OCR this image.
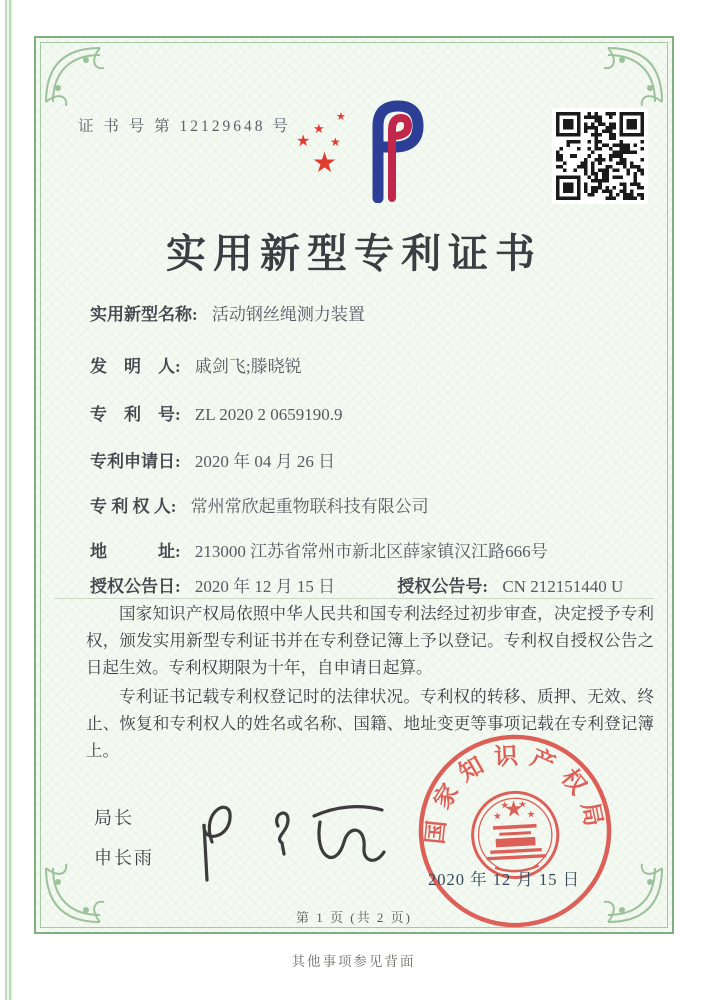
证 书 号 第 12129648 号
★
★
★
★
★
实用新型专利证书
实用新型名称: 活动钢丝绳测力装置
发　明　人: 戚剑飞;滕晓锐
专　利　号: ZL 2020 2 0659190.9
专利申请日: 2020 年 04 月 26 日
专 利 权 人: 常州常欣起重物联科技有限公司
地　　　址: 213000 江苏省常州市新北区薛家镇汉江路666号
授权公告日: 2020 年 12 月 15 日	授权公告号: CN 212151440 U

国家知识产权局依照中华人民共和国专利法经过初步审查，决定授予专利权，颁发实用新型专利证书并在专利登记簿上予以登记。专利权自授权公告之日起生效。专利权期限为十年，自申请日起算。

专利证书记载专利权登记时的法律状况。专利权的转移、质押、无效、终止、恢复和专利权人的姓名或名称、国籍、地址变更等事项记载在专利登记簿上。

局长
申长雨
国家知识产权局
2020 年 12 月 15 日
第 1 页 (共 2 页)
其他事项参见背面
